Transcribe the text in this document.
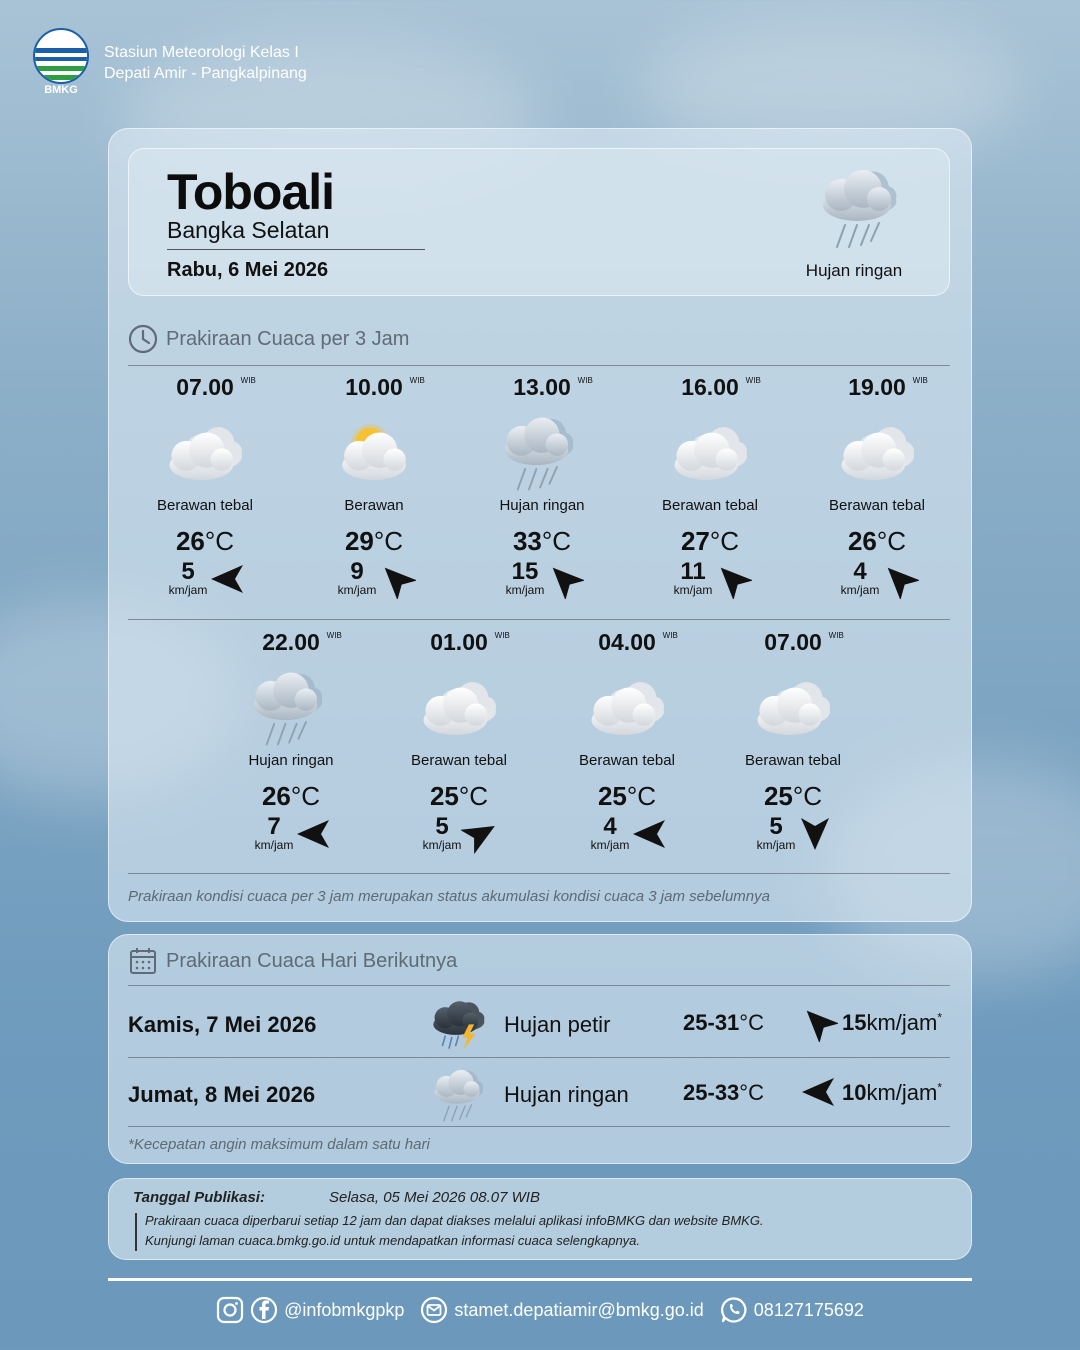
BMKG
Stasiun Meteorologi Kelas I
Depati Amir - Pangkalpinang
Toboali
Bangka Selatan
Rabu, 6 Mei 2026	Hujan ringan
Prakiraan Cuaca per 3 Jam
07.00 WIB
Berawan tebal
26°C
5
km/jam
10.00 WIB
Berawan
29°C
9
km/jam
13.00 WIB
Hujan ringan
33°C
15
km/jam
16.00 WIB
Berawan tebal
27°C
11
km/jam
19.00 WIB
Berawan tebal
26°C
4
km/jam
22.00 WIB
Hujan ringan
26°C
7
km/jam
01.00 WIB
Berawan tebal
25°C
5
km/jam
04.00 WIB
Berawan tebal
25°C
4
km/jam
07.00 WIB
Berawan tebal
25°C
5
km/jam
Prakiraan kondisi cuaca per 3 jam merupakan status akumulasi kondisi cuaca 3 jam sebelumnya
Prakiraan Cuaca Hari Berikutnya
Kamis, 7 Mei 2026	Hujan petir	25-31°C	15km/jam*
Jumat, 8 Mei 2026	Hujan ringan 25-33°C	10km/jam*
*Kecepatan angin maksimum dalam satu hari
Tanggal Publikasi:	Selasa, 05 Mei 2026 08.07 WIB
Prakiraan cuaca diperbarui setiap 12 jam dan dapat diakses melalui aplikasi infoBMKG dan website BMKG.
Kunjungi laman cuaca.bmkg.go.id untuk mendapatkan informasi cuaca selengkapnya.
@infobmkgpkp	stamet.depatiamir@bmkg.go.id	08127175692
